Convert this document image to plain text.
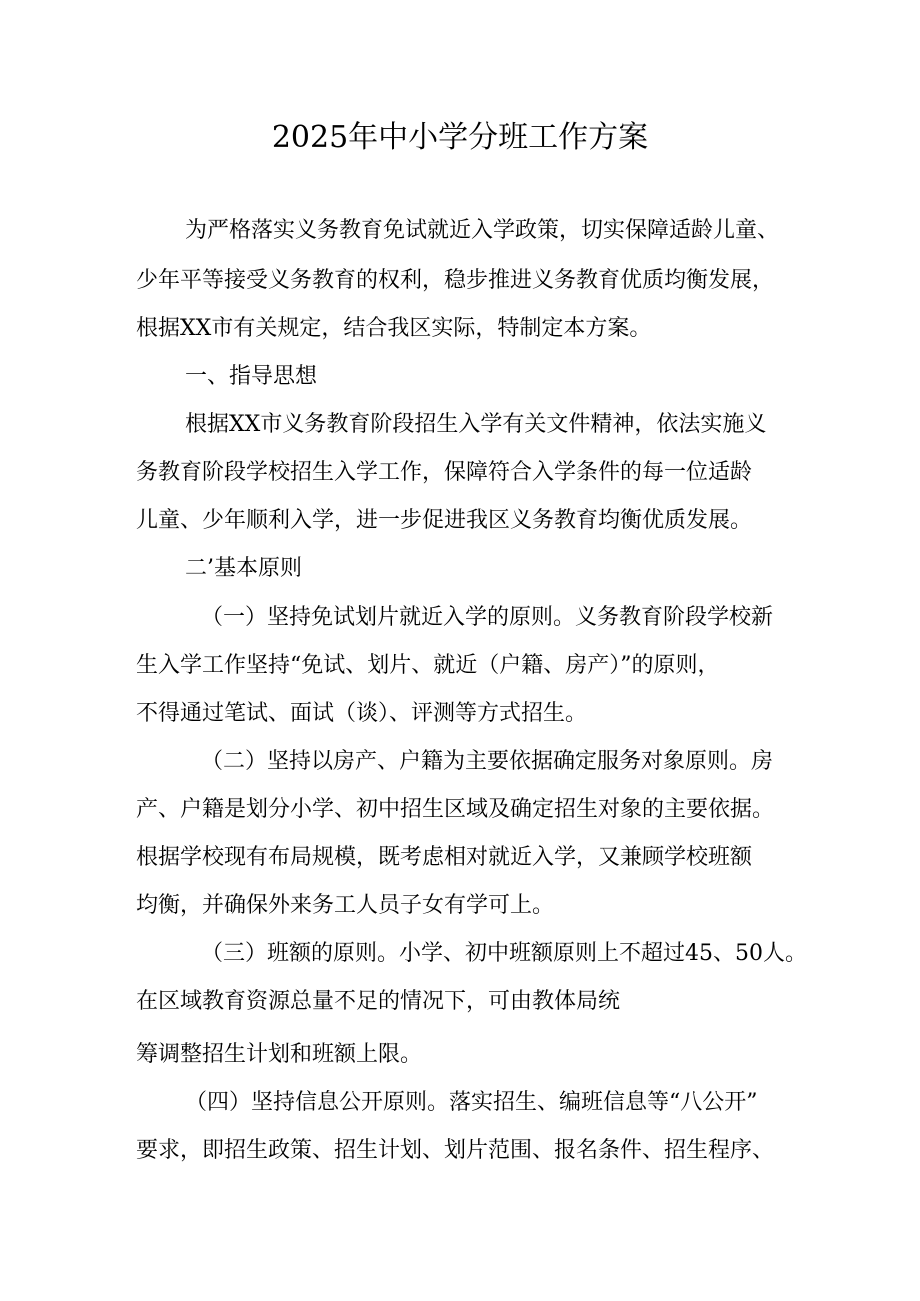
2025年中小学分班工作方案
为严格落实义务教育免试就近入学政策，切实保障适龄儿童、
少年平等接受义务教育的权利，稳步推进义务教育优质均衡发展，
根据XX市有关规定，结合我区实际，特制定本方案。
一、指导思想
根据XX市义务教育阶段招生入学有关文件精神，依法实施义
务教育阶段学校招生入学工作，保障符合入学条件的每一位适龄
儿童、少年顺利入学，进一步促进我区义务教育均衡优质发展。
二’基本原则
（一）坚持免试划片就近入学的原则。义务教育阶段学校新
生入学工作坚持“免试、划片、就近（户籍、房产）”的原则，
不得通过笔试、面试（谈）、评测等方式招生。
（二）坚持以房产、户籍为主要依据确定服务对象原则。房
产、户籍是划分小学、初中招生区域及确定招生对象的主要依据。
根据学校现有布局规模，既考虑相对就近入学，又兼顾学校班额
均衡，并确保外来务工人员子女有学可上。
（三）班额的原则。小学、初中班额原则上不超过45、50人。
在区域教育资源总量不足的情况下，可由教体局统
筹调整招生计划和班额上限。
（四）坚持信息公开原则。落实招生、编班信息等“八公开”
要求，即招生政策、招生计划、划片范围、报名条件、招生程序、
